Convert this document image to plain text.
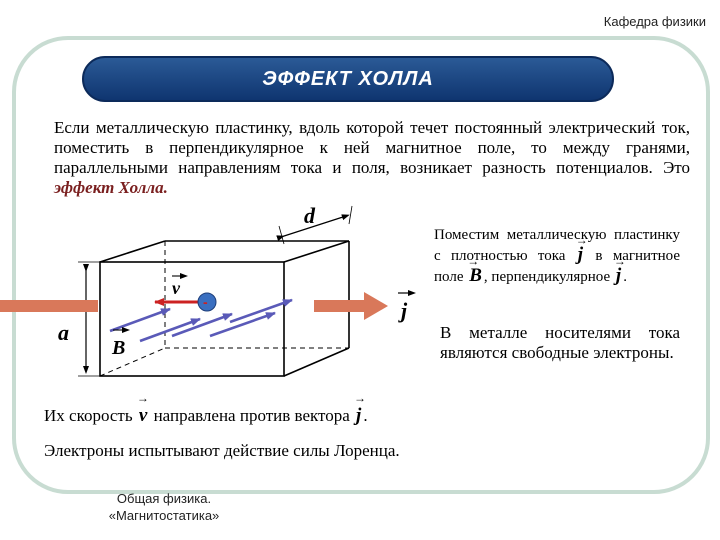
Кафедра физики
ЭФФЕКТ ХОЛЛА
Если металлическую пластинку, вдоль которой течет постоянный электрический ток, поместить в перпендикулярное к ней магнитное поле, то между гранями, параллельными направлениям тока и поля, возникает разность потенциалов. Это эффект Холла.
d
a
j
B
v
-
Поместим металлическую пластинку с плотностью тока → j в магнитное поле → B , перпендикулярное → j .
В металле носителями тока являются свободные электроны.
Их скорость → v направлена против вектора → j .
Электроны испытывают действие силы Лоренца.
Общая физика.
«Магнитостатика»
